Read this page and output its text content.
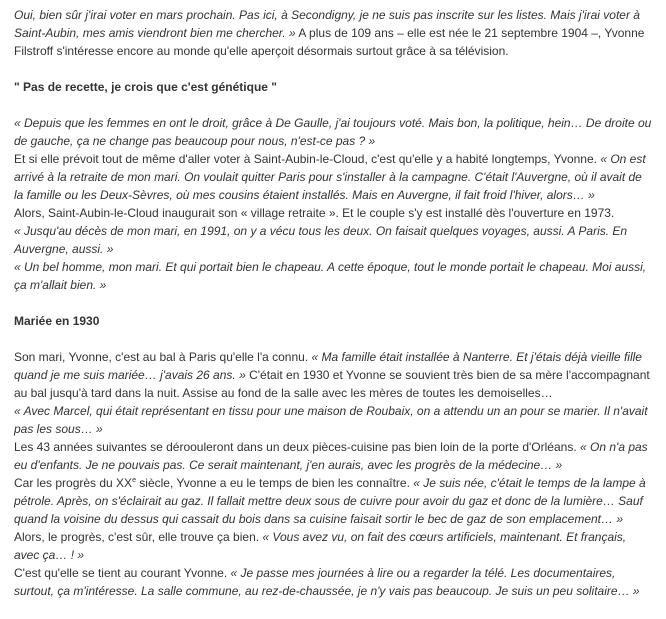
Oui, bien sûr j'irai voter en mars prochain. Pas ici, à Secondigny, je ne suis pas inscrite sur les listes. Mais j'irai voter à Saint-Aubin, mes amis viendront bien me chercher. » A plus de 109 ans – elle est née le 21 septembre 1904 –, Yvonne Filstroff s'intéresse encore au monde qu'elle aperçoit désormais surtout grâce à sa télévision.

" Pas de recette, je crois que c'est génétique "

« Depuis que les femmes en ont le droit, grâce à De Gaulle, j'ai toujours voté. Mais bon, la politique, hein… De droite ou de gauche, ça ne change pas beaucoup pour nous, n'est-ce pas ? »

Et si elle prévoit tout de même d'aller voter à Saint-Aubin-le-Cloud, c'est qu'elle y a habité longtemps, Yvonne. « On est arrivé à la retraite de mon mari. On voulait quitter Paris pour s'installer à la campagne. C'était l'Auvergne, où il avait de la famille ou les Deux-Sèvres, où mes cousins étaient installés. Mais en Auvergne, il fait froid l'hiver, alors… »

Alors, Saint-Aubin-le-Cloud inaugurait son « village retraite ». Et le couple s'y est installé dès l'ouverture en 1973.

« Jusqu'au décès de mon mari, en 1991, on y a vécu tous les deux. On faisait quelques voyages, aussi. A Paris. En Auvergne, aussi. »

« Un bel homme, mon mari. Et qui portait bien le chapeau. A cette époque, tout le monde portait le chapeau. Moi aussi, ça m'allait bien. »

Mariée en 1930

Son mari, Yvonne, c'est au bal à Paris qu'elle l'a connu. « Ma famille était installée à Nanterre. Et j'étais déjà vieille fille quand je me suis mariée… j'avais 26 ans. » C'était en 1930 et Yvonne se souvient très bien de sa mère l'accompagnant au bal jusqu'à tard dans la nuit. Assise au fond de la salle avec les mères de toutes les demoiselles…

« Avec Marcel, qui était représentant en tissu pour une maison de Roubaix, on a attendu un an pour se marier. Il n'avait pas les sous… »

Les 43 années suivantes se déroouleront dans un deux pièces-cuisine pas bien loin de la porte d'Orléans. « On n'a pas eu d'enfants. Je ne pouvais pas. Ce serait maintenant, j'en aurais, avec les progrès de la médecine… »

Car les progrès du XXe siècle, Yvonne a eu le temps de bien les connaître. « Je suis née, c'était le temps de la lampe à pétrole. Après, on s'éclairait au gaz. Il fallait mettre deux sous de cuivre pour avoir du gaz et donc de la lumière… Sauf quand la voisine du dessus qui cassait du bois dans sa cuisine faisait sortir le bec de gaz de son emplacement… » Alors, le progrès, c'est sûr, elle trouve ça bien. « Vous avez vu, on fait des cœurs artificiels, maintenant. Et français, avec ça… ! »

C'est qu'elle se tient au courant Yvonne. « Je passe mes journées à lire ou a regarder la télé. Les documentaires, surtout, ça m'intéresse. La salle commune, au rez-de-chaussée, je n'y vais pas beaucoup. Je suis un peu solitaire… »
